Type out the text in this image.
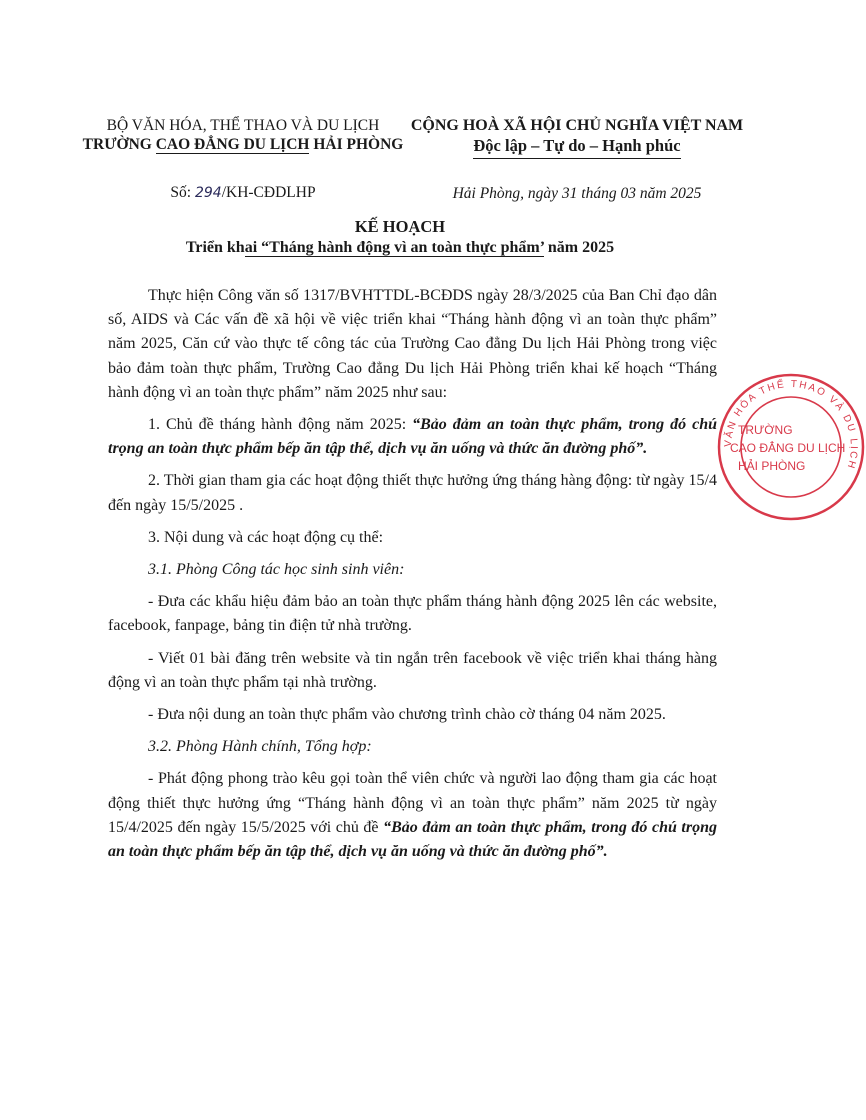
BỘ VĂN HÓA, THỂ THAO VÀ DU LỊCH
TRƯỜNG CAO ĐẲNG DU LỊCH HẢI PHÒNG
Số: 294/KH-CĐDLHP
CỘNG HOÀ XÃ HỘI CHỦ NGHĨA VIỆT NAM
Độc lập – Tự do – Hạnh phúc
Hải Phòng, ngày 31 tháng 03 năm 2025
KẾ HOẠCH
Triển khai “Tháng hành động vì an toàn thực phẩm’ năm 2025

Thực hiện Công văn số 1317/BVHTTDL-BCĐDS ngày 28/3/2025 của Ban Chỉ đạo dân số, AIDS và Các vấn đề xã hội về việc triển khai “Tháng hành động vì an toàn thực phẩm” năm 2025, Căn cứ vào thực tế công tác của Trường Cao đẳng Du lịch Hải Phòng trong việc bảo đảm toàn thực phẩm, Trường Cao đẳng Du lịch Hải Phòng triển khai kế hoạch “Tháng hành động vì an toàn thực phẩm” năm 2025 như sau:

1. Chủ đề tháng hành động năm 2025: “Bảo đảm an toàn thực phẩm, trong đó chú trọng an toàn thực phẩm bếp ăn tập thể, dịch vụ ăn uống và thức ăn đường phố”.

2. Thời gian tham gia các hoạt động thiết thực hưởng ứng tháng hàng động: từ ngày 15/4 đến ngày 15/5/2025 .

3. Nội dung và các hoạt động cụ thể:

3.1. Phòng Công tác học sinh sinh viên:

- Đưa các khẩu hiệu đảm bảo an toàn thực phẩm tháng hành động 2025 lên các website, facebook, fanpage, bảng tin điện tử nhà trường.

- Viết 01 bài đăng trên website và tin ngắn trên facebook về việc triển khai tháng hàng động vì an toàn thực phẩm tại nhà trường.

- Đưa nội dung an toàn thực phẩm vào chương trình chào cờ tháng 04 năm 2025.

3.2. Phòng Hành chính, Tổng hợp:

- Phát động phong trào kêu gọi toàn thể viên chức và người lao động tham gia các hoạt động thiết thực hưởng ứng “Tháng hành động vì an toàn thực phẩm” năm 2025 từ ngày 15/4/2025 đến ngày 15/5/2025 với chủ đề “Bảo đảm an toàn thực phẩm, trong đó chú trọng an toàn thực phẩm bếp ăn tập thể, dịch vụ ăn uống và thức ăn đường phố”.

VĂN HÓA THỂ THAO VÀ DU LỊCH
TRƯỜNG
CAO ĐẲNG DU LỊCH
HẢI PHÒNG
